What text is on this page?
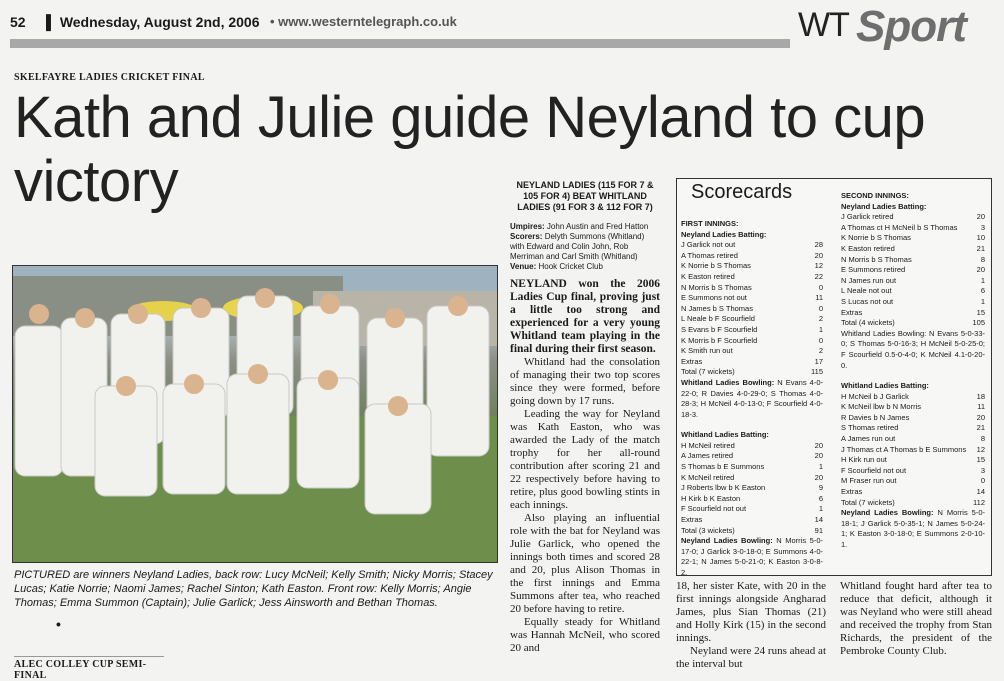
52 ▌ Wednesday, August 2nd, 2006 • www.westerntelegraph.co.uk	WT Sport
SKELFAYRE LADIES CRICKET FINAL
Kath and Julie guide Neyland to cup victory
PICTURED are winners Neyland Ladies, back row: Lucy McNeil; Kelly Smith; Nicky Morris; Stacey Lucas; Katie Norrie; Naomi James; Rachel Sinton; Kath Easton. Front row: Kelly Morris; Angie Thomas; Emma Summon (Captain); Julie Garlick; Jess Ainsworth and Bethan Thomas.
•
ALEC COLLEY CUP SEMI-FINAL
NEYLAND LADIES (115 FOR 7 & 105 FOR 4) BEAT WHITLAND LADIES (91 FOR 3 & 112 FOR 7)
Umpires: John Austin and Fred Hatton
Scorers: Delyth Summons (Whitland) with Edward and Colin John, Rob Merriman and Carl Smith (Whitland)
Venue: Hook Cricket Club

NEYLAND won the 2006 Ladies Cup final, proving just a little too strong and experienced for a very young Whitland team playing in the final during their first season.

Whitland had the consolation of managing their two top scores since they were formed, before going down by 17 runs.

Leading the way for Neyland was Kath Easton, who was awarded the Lady of the match trophy for her all-round contribution after scoring 21 and 22 respectively before having to retire, plus good bowling stints in each innings.

Also playing an influential role with the bat for Neyland was Julie Garlick, who opened the innings both times and scored 28 and 20, plus Alison Thomas in the first innings and Emma Summons after tea, who reached 20 before having to retire.

Equally steady for Whitland was Hannah McNeil, who scored 20 and

18, her sister Kate, with 20 in the first innings alongside Angharad James, plus Sian Thomas (21) and Holly Kirk (15) in the second innings.

Neyland were 24 runs ahead at the interval but

Whitland fought hard after tea to reduce that deficit, although it was Neyland who were still ahead and received the trophy from Stan Richards, the president of the Pembroke County Club.

Scorecards
FIRST INNINGS:
Neyland Ladies Batting:
J Garlick not out	28
A Thomas retired	20
K Norrie b S Thomas	12
K Easton retired	22
N Morris b S Thomas	0
E Summons not out	11
N James b S Thomas	0
L Neale b F Scourfield	2
S Evans b F Scourfield	1
K Morris b F Scourfield	0
K Smith run out	2
Extras	17
Total (7 wickets)	115
Whitland Ladies Bowling: N Evans 4-0-22-0; R Davies 4-0-29-0; S Thomas 4-0-28-3; H McNeil 4-0-13-0; F Scourfield 4-0-18-3.
Whitland Ladies Batting:
H McNeil retired	20
A James retired	20
S Thomas b E Summons	1
K McNeil retired	20
J Roberts lbw b K Easton	9
H Kirk b K Easton	6
F Scourfield not out	1
Extras	14
Total (3 wickets)	91
Neyland Ladies Bowling: N Morris 5-0-17-0; J Garlick 3-0-18-0; E Summons 4-0-22-1; N James 5-0-21-0; K Easton 3-0-8-2.
SECOND INNINGS:
Neyland Ladies Batting:
J Garlick retired	20
A Thomas ct H McNeil b S Thomas	3
K Norrie b S Thomas	10
K Easton retired	21
N Morris b S Thomas	8
E Summons retired	20
N James run out	1
L Neale not out	6
S Lucas not out	1
Extras	15
Total (4 wickets)	105
Whitland Ladies Bowling: N Evans 5-0-33-0; S Thomas 5-0-16-3; H McNeil 5-0-25-0; F Scourfield 0.5-0-4-0; K McNeil 4.1-0-20-0.
Whitland Ladies Batting:
H McNeil b J Garlick	18
K McNeil lbw b N Morris	11
R Davies b N James	20
S Thomas retired	21
A James run out	8
J Thomas ct A Thomas b E Summons 12
H Kirk run out	15
F Scourfield not out	3
M Fraser run out	0
Extras	14
Total (7 wickets)	112
Neyland Ladies Bowling: N Morris 5-0-18-1; J Garlick 5-0-35-1; N James 5-0-24-1; K Easton 3-0-18-0; E Summons 2-0-10-1.
